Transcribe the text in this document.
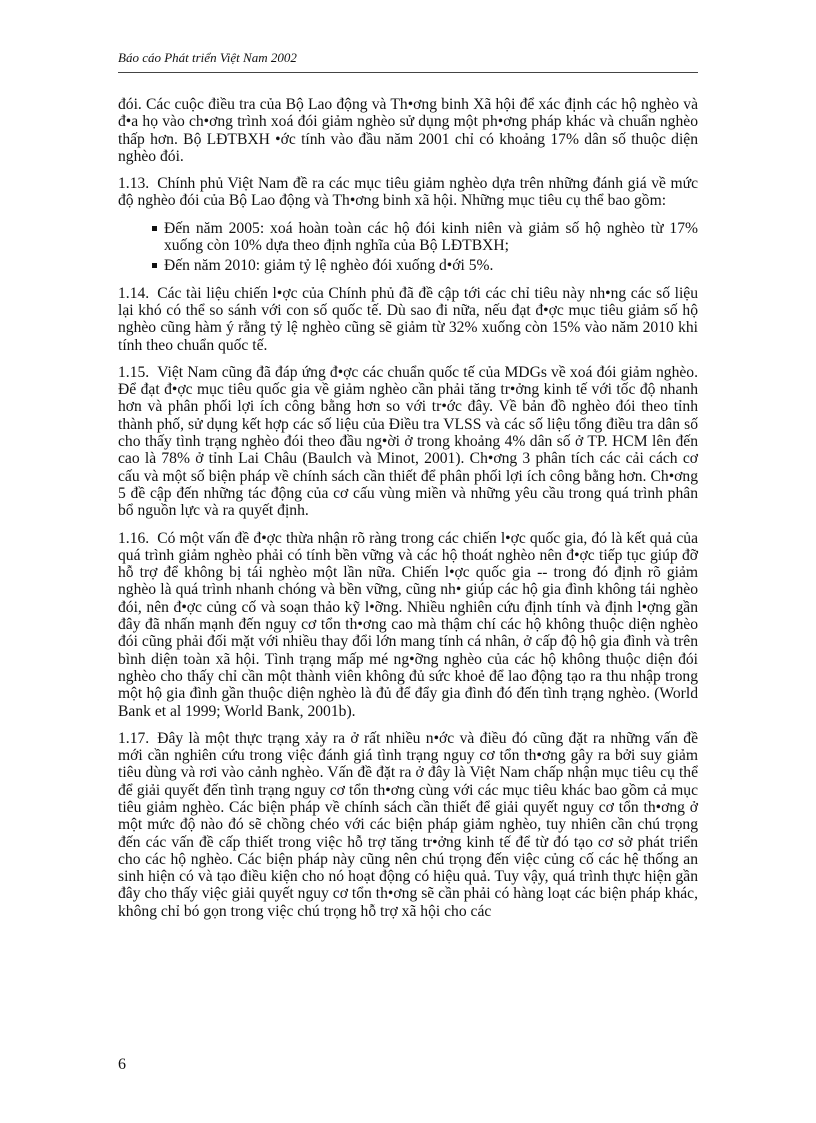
Báo cáo Phát triển Việt Nam 2002

đói. Các cuộc điều tra của Bộ Lao động và Th•ơng binh Xã hội để xác định các hộ nghèo và đ•a họ vào ch•ơng trình xoá đói giảm nghèo sử dụng một ph•ơng pháp khác và chuẩn nghèo thấp hơn. Bộ LĐTBXH •ớc tính vào đầu năm 2001 chỉ có khoảng 17% dân số thuộc diện nghèo đói.

1.13. Chính phủ Việt Nam đề ra các mục tiêu giảm nghèo dựa trên những đánh giá về mức độ nghèo đói của Bộ Lao động và Th•ơng binh xã hội. Những mục tiêu cụ thể bao gồm:

Đến năm 2005: xoá hoàn toàn các hộ đói kinh niên và giảm số hộ nghèo từ 17% xuống còn 10% dựa theo định nghĩa của Bộ LĐTBXH;
Đến năm 2010: giảm tỷ lệ nghèo đói xuống d•ới 5%.

1.14. Các tài liệu chiến l•ợc của Chính phủ đã đề cập tới các chỉ tiêu này nh•ng các số liệu lại khó có thể so sánh với con số quốc tế. Dù sao đi nữa, nếu đạt đ•ợc mục tiêu giảm số hộ nghèo cũng hàm ý rằng tỷ lệ nghèo cũng sẽ giảm từ 32% xuống còn 15% vào năm 2010 khi tính theo chuẩn quốc tế.

1.15. Việt Nam cũng đã đáp ứng đ•ợc các chuẩn quốc tế của MDGs về xoá đói giảm nghèo. Để đạt đ•ợc mục tiêu quốc gia về giảm nghèo cần phải tăng tr•ởng kinh tế với tốc độ nhanh hơn và phân phối lợi ích công bằng hơn so với tr•ớc đây. Về bản đồ nghèo đói theo tỉnh thành phố, sử dụng kết hợp các số liệu của Điều tra VLSS và các số liệu tổng điều tra dân số cho thấy tình trạng nghèo đói theo đầu ng•ời ở trong khoảng 4% dân số ở TP. HCM lên đến cao là 78% ở tỉnh Lai Châu (Baulch và Minot, 2001). Ch•ơng 3 phân tích các cải cách cơ cấu và một số biện pháp về chính sách cần thiết để phân phối lợi ích công bằng hơn. Ch•ơng 5 đề cập đến những tác động của cơ cấu vùng miền và những yêu cầu trong quá trình phân bổ nguồn lực và ra quyết định.

1.16. Có một vấn đề đ•ợc thừa nhận rõ ràng trong các chiến l•ợc quốc gia, đó là kết quả của quá trình giảm nghèo phải có tính bền vững và các hộ thoát nghèo nên đ•ợc tiếp tục giúp đỡ hỗ trợ để không bị tái nghèo một lần nữa. Chiến l•ợc quốc gia -- trong đó định rõ giảm nghèo là quá trình nhanh chóng và bền vững, cũng nh• giúp các hộ gia đình không tái nghèo đói, nên đ•ợc củng cố và soạn thảo kỹ l•ỡng. Nhiều nghiên cứu định tính và định l•ợng gần đây đã nhấn mạnh đến nguy cơ tổn th•ơng cao mà thậm chí các hộ không thuộc diện nghèo đói cũng phải đối mặt với nhiều thay đổi lớn mang tính cá nhân, ở cấp độ hộ gia đình và trên bình diện toàn xã hội. Tình trạng mấp mé ng•ỡng nghèo của các hộ không thuộc diện đói nghèo cho thấy chỉ cần một thành viên không đủ sức khoẻ để lao động tạo ra thu nhập trong một hộ gia đình gần thuộc diện nghèo là đủ để đẩy gia đình đó đến tình trạng nghèo. (World Bank et al 1999; World Bank, 2001b).

1.17. Đây là một thực trạng xảy ra ở rất nhiều n•ớc và điều đó cũng đặt ra những vấn đề mới cần nghiên cứu trong việc đánh giá tình trạng nguy cơ tổn th•ơng gây ra bởi suy giảm tiêu dùng và rơi vào cảnh nghèo. Vấn đề đặt ra ở đây là Việt Nam chấp nhận mục tiêu cụ thể để giải quyết đến tình trạng nguy cơ tổn th•ơng cùng với các mục tiêu khác bao gồm cả mục tiêu giảm nghèo. Các biện pháp về chính sách cần thiết để giải quyết nguy cơ tổn th•ơng ở một mức độ nào đó sẽ chồng chéo với các biện pháp giảm nghèo, tuy nhiên cần chú trọng đến các vấn đề cấp thiết trong việc hỗ trợ tăng tr•ởng kinh tế để từ đó tạo cơ sở phát triển cho các hộ nghèo. Các biện pháp này cũng nên chú trọng đến việc củng cố các hệ thống an sinh hiện có và tạo điều kiện cho nó hoạt động có hiệu quả. Tuy vậy, quá trình thực hiện gần đây cho thấy việc giải quyết nguy cơ tổn th•ơng sẽ cần phải có hàng loạt các biện pháp khác, không chỉ bó gọn trong việc chú trọng hỗ trợ xã hội cho các

6
